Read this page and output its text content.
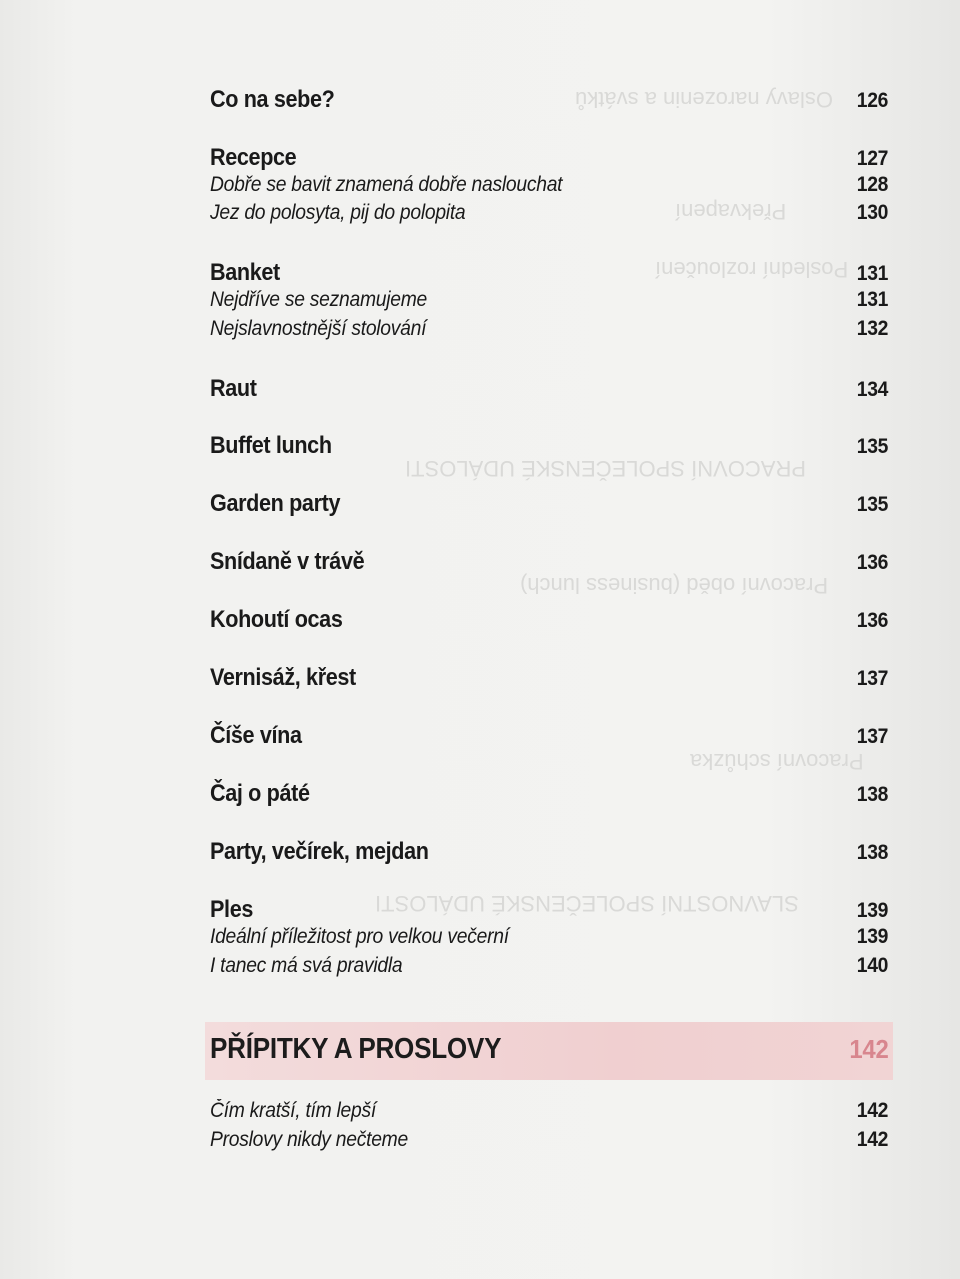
Oslavy narozenin a svátků
Překvapení
Poslední rozloučení
PRACOVNÍ SPOLEČENSKÉ UDÁLOSTI
Pracovní oběd (business lunch)
Pracovní schůzka
SLAVNOSTNÍ SPOLEČENSKÉ UDÁLOSTI
Co na sebe?	126
Recepce	127
Dobře se bavit znamená dobře naslouchat	128
Jez do polosyta, pij do polopita	130
Banket	131
Nejdříve se seznamujeme	131
Nejslavnostnější stolování	132
Raut	134
Buffet lunch	135
Garden party	135
Snídaně v trávě	136
Kohoutí ocas	136
Vernisáž, křest	137
Číše vína	137
Čaj o páté	138
Party, večírek, mejdan	138
Ples	139
Ideální příležitost pro velkou večerní	139
I tanec má svá pravidla	140
PŘÍPITKY A PROSLOVY	142
Čím kratší, tím lepší	142
Proslovy nikdy nečteme	142
